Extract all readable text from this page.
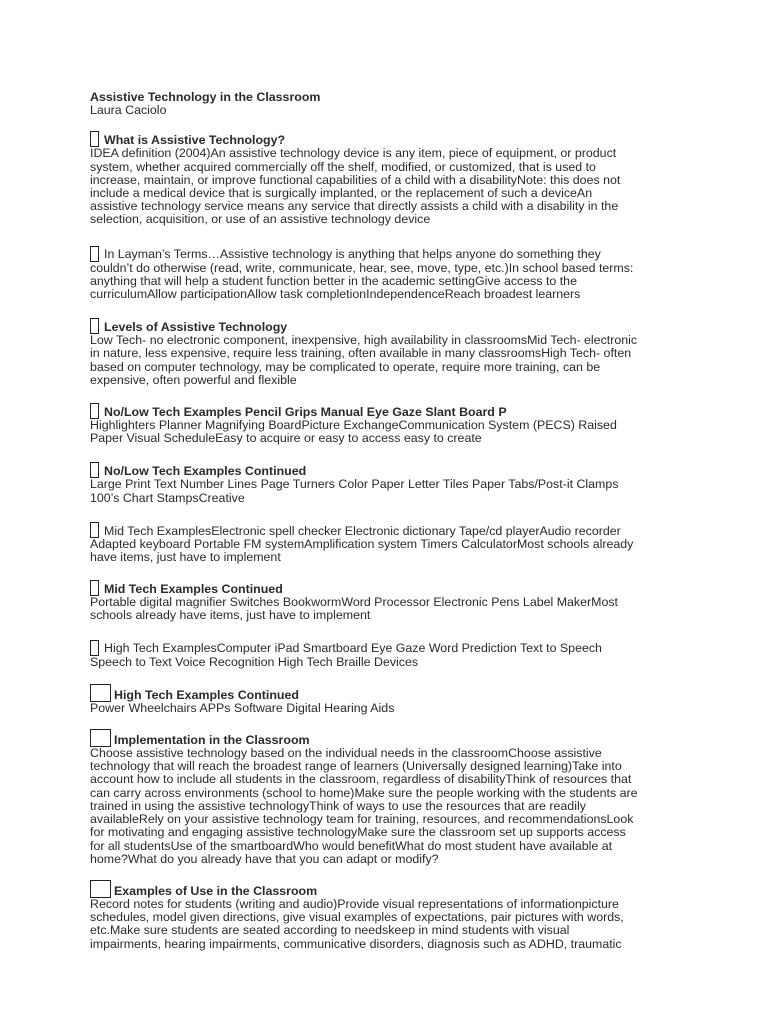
Assistive Technology in the Classroom

Laura Caciolo

What is Assistive Technology?

IDEA definition (2004)An assistive technology device is any item, piece of equipment, or product
system, whether acquired commercially off the shelf, modified, or customized, that is used to
increase, maintain, or improve functional capabilities of a child with a disabilityNote: this does not
include a medical device that is surgically implanted, or the replacement of such a deviceAn
assistive technology service means any service that directly assists a child with a disability in the
selection, acquisition, or use of an assistive technology device

In Layman’s Terms…Assistive technology is anything that helps anyone do something they

couldn’t do otherwise (read, write, communicate, hear, see, move, type, etc.)In school based terms:
anything that will help a student function better in the academic settingGive access to the
curriculumAllow participationAllow task completionIndependenceReach broadest learners

Levels of Assistive Technology

Low Tech- no electronic component, inexpensive, high availability in classroomsMid Tech- electronic
in nature, less expensive, require less training, often available in many classroomsHigh Tech- often
based on computer technology, may be complicated to operate, require more training, can be
expensive, often powerful and flexible

No/Low Tech Examples Pencil Grips Manual Eye Gaze Slant Board P

Highlighters Planner Magnifying BoardPicture ExchangeCommunication System (PECS) Raised
Paper Visual ScheduleEasy to acquire or easy to access easy to create

No/Low Tech Examples Continued

Large Print Text Number Lines Page Turners Color Paper Letter Tiles Paper Tabs/Post-it Clamps
100’s Chart StampsCreative

Mid Tech ExamplesElectronic spell checker Electronic dictionary Tape/cd playerAudio recorder

Adapted keyboard Portable FM systemAmplification system Timers CalculatorMost schools already
have items, just have to implement

Mid Tech Examples Continued

Portable digital magnifier Switches BookwormWord Processor Electronic Pens Label MakerMost
schools already have items, just have to implement

High Tech ExamplesComputer iPad Smartboard Eye Gaze Word Prediction Text to Speech

Speech to Text Voice Recognition High Tech Braille Devices

High Tech Examples Continued

Power Wheelchairs APPs Software Digital Hearing Aids

Implementation in the Classroom

Choose assistive technology based on the individual needs in the classroomChoose assistive
technology that will reach the broadest range of learners (Universally designed learning)Take into
account how to include all students in the classroom, regardless of disabilityThink of resources that
can carry across environments (school to home)Make sure the people working with the students are
trained in using the assistive technologyThink of ways to use the resources that are readily
availableRely on your assistive technology team for training, resources, and recommendationsLook
for motivating and engaging assistive technologyMake sure the classroom set up supports access
for all studentsUse of the smartboardWho would benefitWhat do most student have available at
home?What do you already have that you can adapt or modify?

Examples of Use in the Classroom

Record notes for students (writing and audio)Provide visual representations of informationpicture
schedules, model given directions, give visual examples of expectations, pair pictures with words,
etc.Make sure students are seated according to needskeep in mind students with visual
impairments, hearing impairments, communicative disorders, diagnosis such as ADHD, traumatic
